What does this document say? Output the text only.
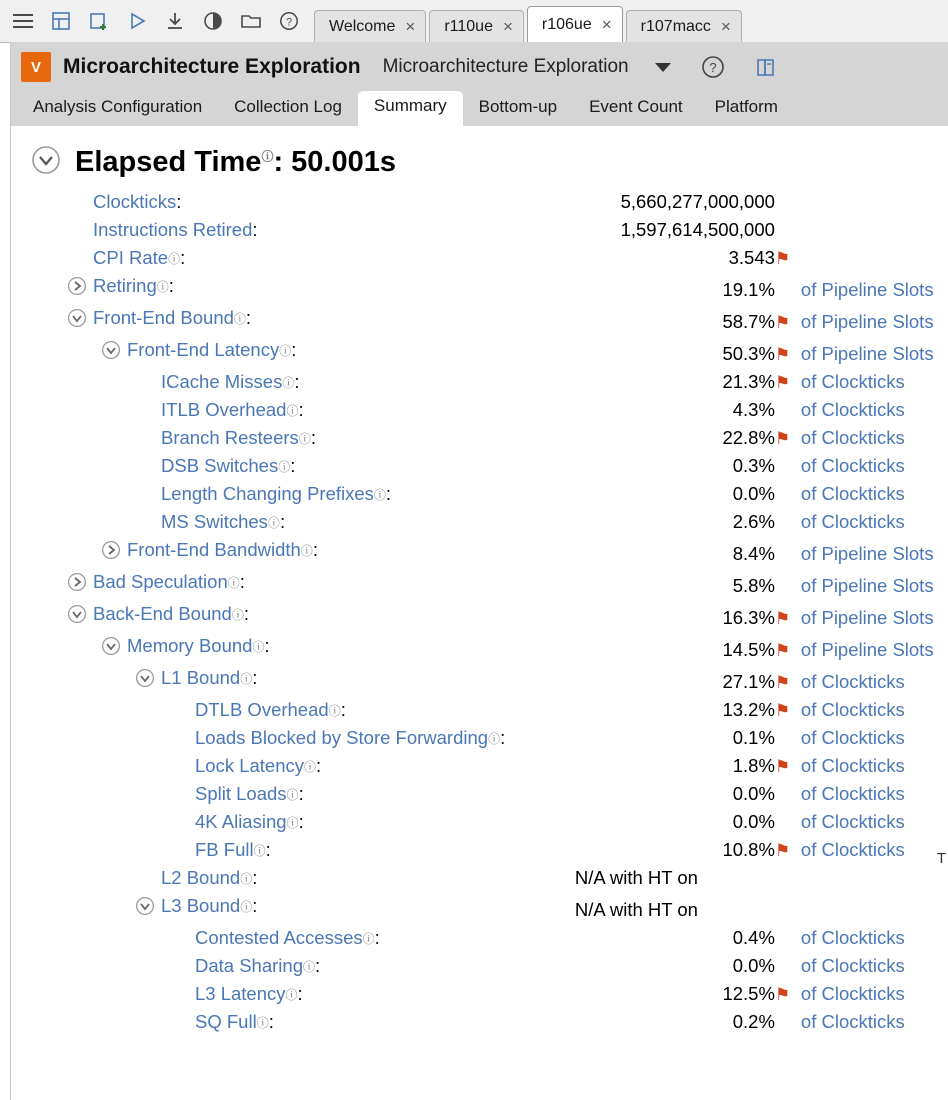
? Welcome × r110ue × r106ue × r107macc ×
V	Microarchitecture Exploration Microarchitecture Exploration	?
Analysis Configuration	Collection Log	Summary	Bottom-up	Event Count	Platform
Elapsed Timeⓘ: 50.001s
Clockticks :	5,660,277,000,000		

Instructions Retired :	1,597,614,500,000		

CPI Rate ⓘ :	3.543	⚑	

Retiring ⓘ :	19.1%		of Pipeline Slots

Front-End Bound ⓘ :	58.7%	⚑	of Pipeline Slots

Front-End Latency ⓘ :	50.3%	⚑	of Pipeline Slots

ICache Misses ⓘ :	21.3%	⚑	of Clockticks

ITLB Overhead ⓘ :	4.3%		of Clockticks

Branch Resteers ⓘ :	22.8%	⚑	of Clockticks

DSB Switches ⓘ :	0.3%		of Clockticks

Length Changing Prefixes ⓘ :	0.0%		of Clockticks

MS Switches ⓘ :	2.6%		of Clockticks

Front-End Bandwidth ⓘ :	8.4%		of Pipeline Slots

Bad Speculation ⓘ :	5.8%		of Pipeline Slots

Back-End Bound ⓘ :	16.3%	⚑	of Pipeline Slots

Memory Bound ⓘ :	14.5%	⚑	of Pipeline Slots

L1 Bound ⓘ :	27.1%	⚑	of Clockticks

DTLB Overhead ⓘ :	13.2%	⚑	of Clockticks

Loads Blocked by Store Forwarding ⓘ :	0.1%		of Clockticks

Lock Latency ⓘ :	1.8%	⚑	of Clockticks

Split Loads ⓘ :	0.0%		of Clockticks

4K Aliasing ⓘ :	0.0%		of Clockticks

FB Full ⓘ :	10.8%	⚑	of Clockticks

L2 Bound ⓘ :	N/A with HT on		

L3 Bound ⓘ :	N/A with HT on		

Contested Accesses ⓘ :	0.4%		of Clockticks

Data Sharing ⓘ :	0.0%		of Clockticks

L3 Latency ⓘ :	12.5%	⚑	of Clockticks

SQ Full ⓘ :	0.2%		of Clockticks
T
